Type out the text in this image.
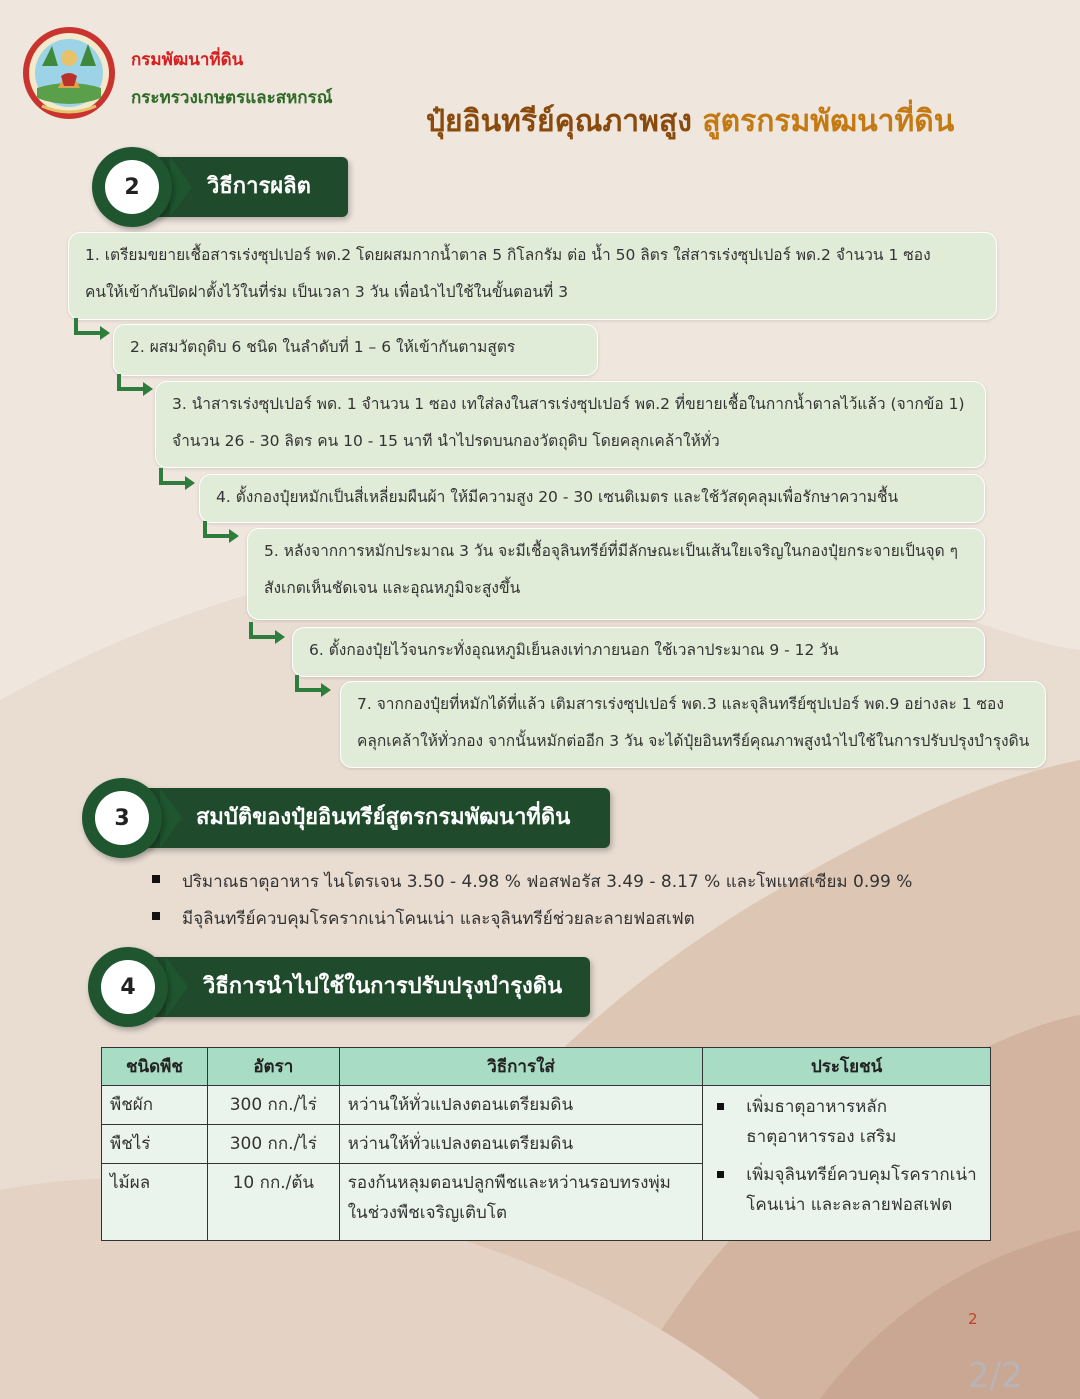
กรมพัฒนาที่ดิน
กระทรวงเกษตรและสหกรณ์
ปุ๋ยอินทรีย์คุณภาพสูง สูตรกรมพัฒนาที่ดิน
2	วิธีการผลิต
1. เตรียมขยายเชื้อสารเร่งซุปเปอร์ พด.2 โดยผสมกากน้ำตาล 5 กิโลกรัม ต่อ น้ำ 50 ลิตร ใส่สารเร่งซุปเปอร์ พด.2 จำนวน 1 ซอง
คนให้เข้ากันปิดฝาตั้งไว้ในที่ร่ม เป็นเวลา 3 วัน เพื่อนำไปใช้ในขั้นตอนที่ 3
2. ผสมวัตถุดิบ 6 ชนิด ในลำดับที่ 1 – 6 ให้เข้ากันตามสูตร
3. นำสารเร่งซุปเปอร์ พด. 1 จำนวน 1 ซอง เทใส่ลงในสารเร่งซุปเปอร์ พด.2 ที่ขยายเชื้อในกากน้ำตาลไว้แล้ว (จากข้อ 1)
จำนวน 26 - 30 ลิตร คน 10 - 15 นาที นำไปรดบนกองวัตถุดิบ โดยคลุกเคล้าให้ทั่ว
4. ตั้งกองปุ๋ยหมักเป็นสี่เหลี่ยมผืนผ้า ให้มีความสูง 20 - 30 เซนติเมตร และใช้วัสดุคลุมเพื่อรักษาความชื้น
5. หลังจากการหมักประมาณ 3 วัน จะมีเชื้อจุลินทรีย์ที่มีลักษณะเป็นเส้นใยเจริญในกองปุ๋ยกระจายเป็นจุด ๆ
สังเกตเห็นชัดเจน และอุณหภูมิจะสูงขึ้น
6. ตั้งกองปุ๋ยไว้จนกระทั่งอุณหภูมิเย็นลงเท่าภายนอก ใช้เวลาประมาณ 9 - 12 วัน
7. จากกองปุ๋ยที่หมักได้ที่แล้ว เติมสารเร่งซุปเปอร์ พด.3 และจุลินทรีย์ซุปเปอร์ พด.9 อย่างละ 1 ซอง
คลุกเคล้าให้ทั่วกอง จากนั้นหมักต่ออีก 3 วัน จะได้ปุ๋ยอินทรีย์คุณภาพสูงนำไปใช้ในการปรับปรุงบำรุงดิน
3	สมบัติของปุ๋ยอินทรีย์สูตรกรมพัฒนาที่ดิน
ปริมาณธาตุอาหาร ไนโตรเจน 3.50 - 4.98 % ฟอสฟอรัส 3.49 - 8.17 % และโพแทสเซียม 0.99 %
มีจุลินทรีย์ควบคุมโรครากเน่าโคนเน่า และจุลินทรีย์ช่วยละลายฟอสเฟต
4	วิธีการนำไปใช้ในการปรับปรุงบำรุงดิน
ชนิดพืช	อัตรา	วิธีการใส่	ประโยชน์
พืชผัก	300 กก./ไร่	หว่านให้ทั่วแปลงตอนเตรียมดิน	เพิ่มธาตุอาหารหลัก
ธาตุอาหารรอง เสริม
เพิ่มจุลินทรีย์ควบคุมโรครากเน่า
โคนเน่า และละลายฟอสเฟต

พืชไร่	300 กก./ไร่	หว่านให้ทั่วแปลงตอนเตรียมดิน	
ไม้ผล	10 กก./ต้น	รองก้นหลุมตอนปลูกพืชและหว่านรอบทรงพุ่ม
ในช่วงพืชเจริญเติบโต	
2
2/2
